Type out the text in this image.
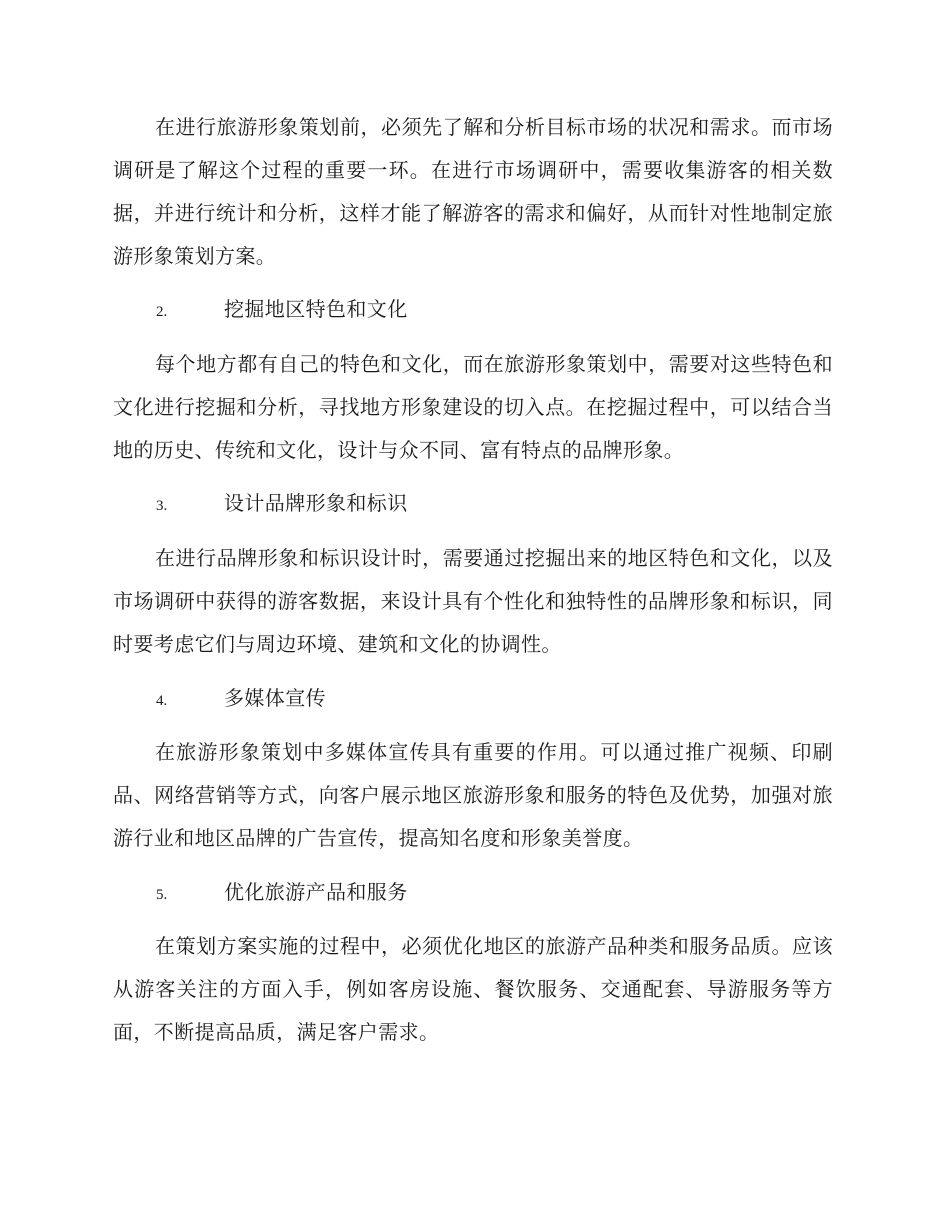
在进行旅游形象策划前，必须先了解和分析目标市场的状况和需求。而市场调研是了解这个过程的重要一环。在进行市场调研中，需要收集游客的相关数据，并进行统计和分析，这样才能了解游客的需求和偏好，从而针对性地制定旅游形象策划方案。

2.	挖掘地区特色和文化

每个地方都有自己的特色和文化，而在旅游形象策划中，需要对这些特色和文化进行挖掘和分析，寻找地方形象建设的切入点。在挖掘过程中，可以结合当地的历史、传统和文化，设计与众不同、富有特点的品牌形象。

3.	设计品牌形象和标识

在进行品牌形象和标识设计时，需要通过挖掘出来的地区特色和文化，以及市场调研中获得的游客数据，来设计具有个性化和独特性的品牌形象和标识，同时要考虑它们与周边环境、建筑和文化的协调性。

4.	多媒体宣传

在旅游形象策划中多媒体宣传具有重要的作用。可以通过推广视频、印刷品、网络营销等方式，向客户展示地区旅游形象和服务的特色及优势，加强对旅游行业和地区品牌的广告宣传，提高知名度和形象美誉度。

5.	优化旅游产品和服务

在策划方案实施的过程中，必须优化地区的旅游产品种类和服务品质。应该从游客关注的方面入手，例如客房设施、餐饮服务、交通配套、导游服务等方面，不断提高品质，满足客户需求。
